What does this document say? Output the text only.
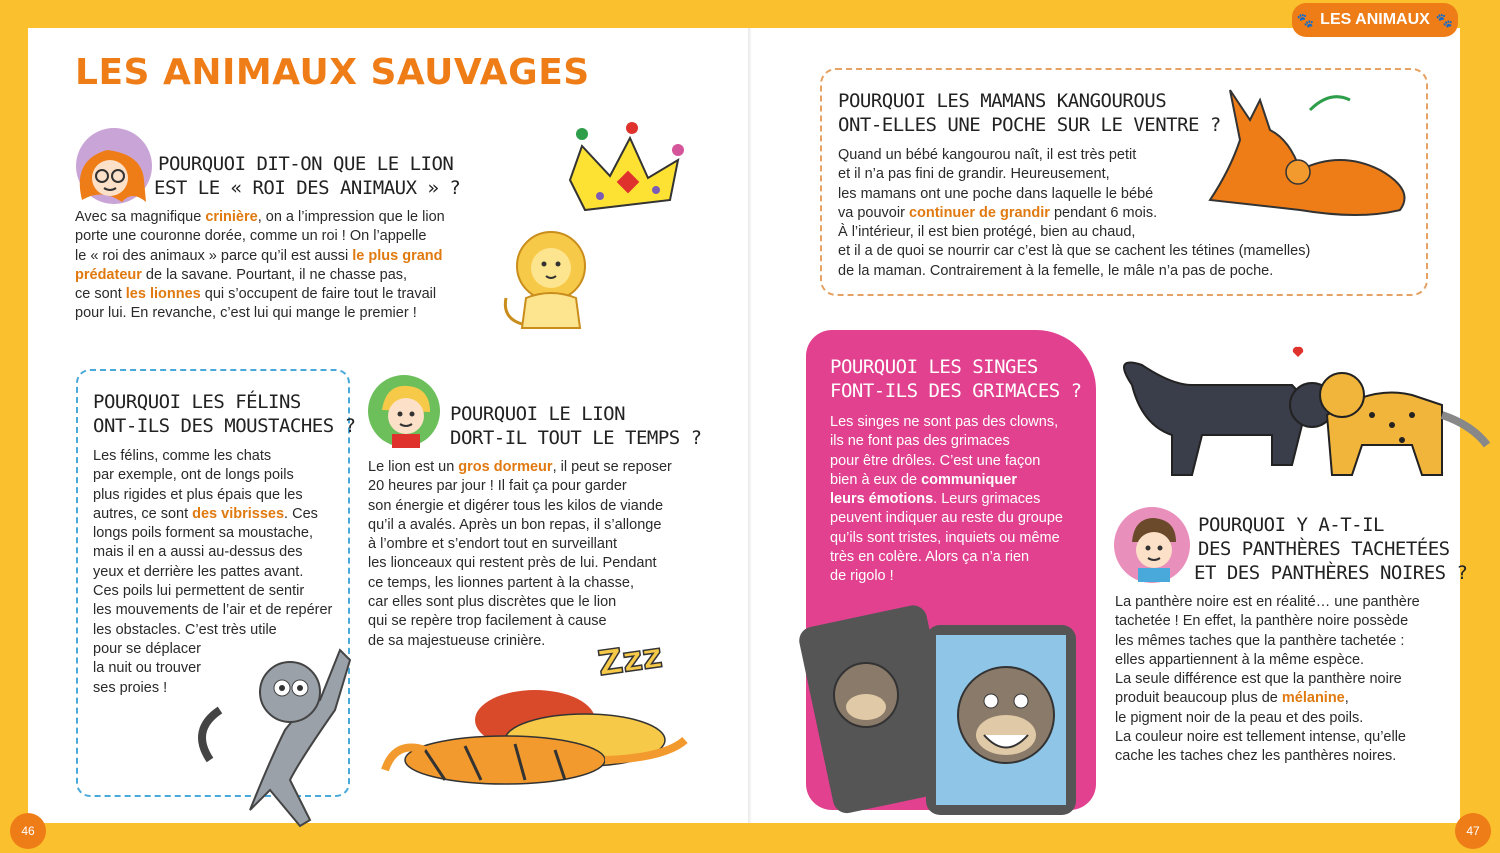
🐾 LES ANIMAUX 🐾
46	47
LES ANIMAUX SAUVAGES
POURQUOI DIT-ON QUE LE LION
EST LE « ROI DES ANIMAUX » ?
Avec sa magnifique crinière, on a l’impression que le lion
porte une couronne dorée, comme un roi ! On l’appelle
le « roi des animaux » parce qu’il est aussi le plus grand
prédateur de la savane. Pourtant, il ne chasse pas,
ce sont les lionnes qui s’occupent de faire tout le travail
pour lui. En revanche, c’est lui qui mange le premier !
POURQUOI LES FÉLINS
ONT-ILS DES MOUSTACHES ?
Les félins, comme les chats
par exemple, ont de longs poils
plus rigides et plus épais que les
autres, ce sont des vibrisses. Ces
longs poils forment sa moustache,
mais il en a aussi au-dessus des
yeux et derrière les pattes avant.
Ces poils lui permettent de sentir
les mouvements de l’air et de repérer
les obstacles. C’est très utile
pour se déplacer
la nuit ou trouver
ses proies !
POURQUOI LE LION
DORT-IL TOUT LE TEMPS ?
Le lion est un gros dormeur, il peut se reposer
20 heures par jour ! Il fait ça pour garder
son énergie et digérer tous les kilos de viande
qu’il a avalés. Après un bon repas, il s’allonge
à l’ombre et s’endort tout en surveillant
les lionceaux qui restent près de lui. Pendant
ce temps, les lionnes partent à la chasse,
car elles sont plus discrètes que le lion
qui se repère trop facilement à cause
de sa majestueuse crinière.	Zzz
POURQUOI LES MAMANS KANGOUROUS
ONT-ELLES UNE POCHE SUR LE VENTRE ?
Quand un bébé kangourou naît, il est très petit
et il n’a pas fini de grandir. Heureusement,
les mamans ont une poche dans laquelle le bébé
va pouvoir continuer de grandir pendant 6 mois.
À l’intérieur, il est bien protégé, bien au chaud,
et il a de quoi se nourrir car c’est là que se cachent les tétines (mamelles)
de la maman. Contrairement à la femelle, le mâle n’a pas de poche.
POURQUOI LES SINGES
FONT-ILS DES GRIMACES ?
Les singes ne sont pas des clowns,
ils ne font pas des grimaces
pour être drôles. C’est une façon
bien à eux de communiquer
leurs émotions. Leurs grimaces
peuvent indiquer au reste du groupe
qu’ils sont tristes, inquiets ou même
très en colère. Alors ça n’a rien
de rigolo !
POURQUOI Y A-T-IL
DES PANTHÈRES TACHETÉES
ET DES PANTHÈRES NOIRES ?
La panthère noire est en réalité… une panthère
tachetée ! En effet, la panthère noire possède
les mêmes taches que la panthère tachetée :
elles appartiennent à la même espèce.
La seule différence est que la panthère noire
produit beaucoup plus de mélanine,
le pigment noir de la peau et des poils.
La couleur noire est tellement intense, qu’elle
cache les taches chez les panthères noires.
